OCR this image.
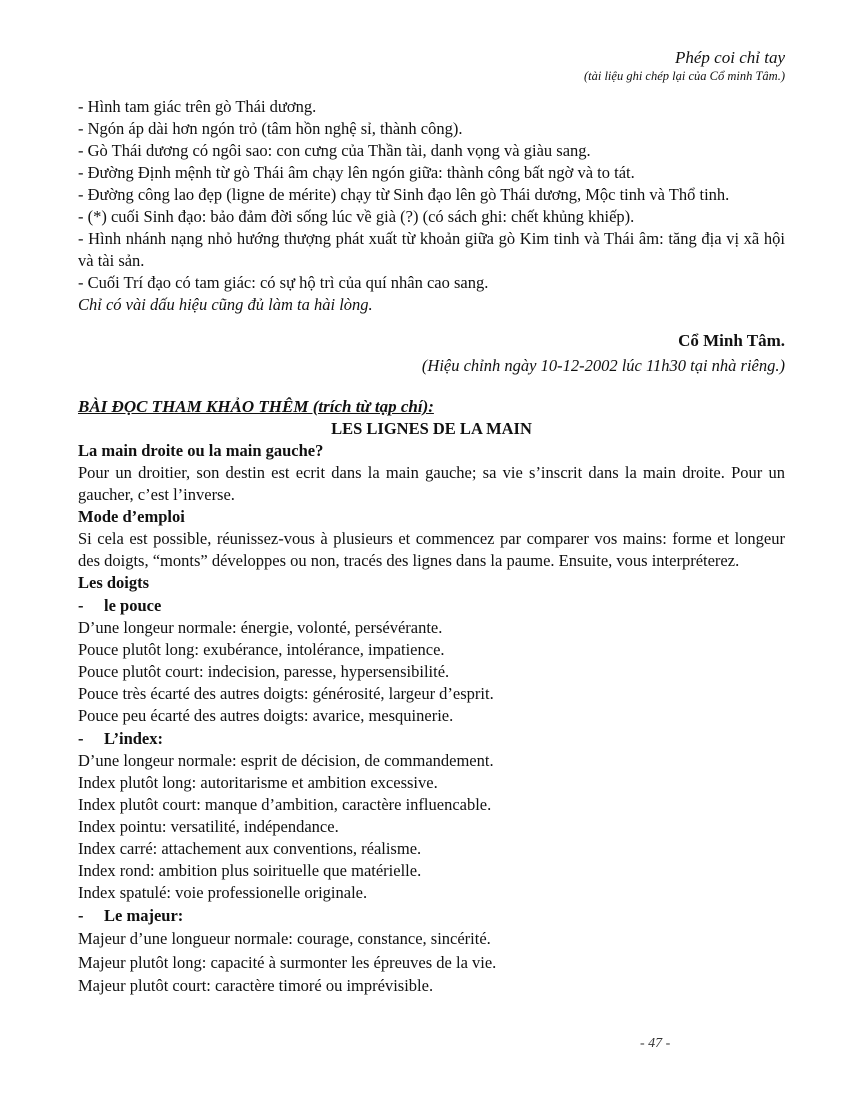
Phép coi chỉ tay
(tài liệu ghi chép lại của Cổ minh Tâm.)
- Hình tam giác trên gò Thái dương.
- Ngón áp dài hơn ngón trỏ (tâm hồn nghệ sỉ, thành công).
- Gò Thái dương có ngôi sao: con cưng của Thần tài, danh vọng và giàu sang.
- Đường Định mệnh từ gò Thái âm chạy lên ngón giữa: thành công bất ngờ và to tát.
- Đường công lao đẹp (ligne de mérite) chạy từ Sinh đạo lên gò Thái dương, Mộc tinh và Thổ tinh.
- (*) cuối Sinh đạo: bảo đảm đời sống lúc về già (?) (có sách ghi: chết khủng khiếp).
- Hình nhánh nạng nhỏ hướng thượng phát xuất từ khoản giữa gò Kim tinh và Thái âm: tăng địa vị xã hội và tài sản.
- Cuối Trí đạo có tam giác: có sự hộ trì của quí nhân cao sang.
Chỉ có vài dấu hiệu cũng đủ làm ta hài lòng.
Cổ Minh Tâm.
(Hiệu chỉnh ngày 10-12-2002 lúc 11h30 tại nhà riêng.)
BÀI ĐỌC THAM KHẢO THÊM (trích từ tạp chí):
LES LIGNES DE LA MAIN
La main droite ou la main gauche?
Pour un droitier, son destin est ecrit dans la main gauche; sa vie s’inscrit dans la main droite. Pour un gaucher, c’est l’inverse.
Mode d’emploi
Si cela est possible, réunissez-vous à plusieurs et commencez par comparer vos mains: forme et longeur des doigts, “monts” développes ou non, tracés des lignes dans la paume. Ensuite, vous interpréterez.
Les doigts
- le pouce
D’une longeur normale: énergie, volonté, persévérante.
Pouce plutôt long: exubérance, intolérance, impatience.
Pouce plutôt court: indecision, paresse, hypersensibilité.
Pouce très écarté des autres doigts: générosité, largeur d’esprit.
Pouce peu écarté des autres doigts: avarice, mesquinerie.
- L’index:
D’une longeur normale: esprit de décision, de commandement.
Index plutôt long: autoritarisme et ambition excessive.
Index plutôt court: manque d’ambition, caractère influencable.
Index pointu: versatilité, indépendance.
Index carré: attachement aux conventions, réalisme.
Index rond: ambition plus soirituelle que matérielle.
Index spatulé: voie professionelle originale.
- Le majeur:
Majeur d’une longueur normale: courage, constance, sincérité.
Majeur plutôt long: capacité à surmonter les épreuves de la vie.
Majeur plutôt court: caractère timoré ou imprévisible.
- 47 -
